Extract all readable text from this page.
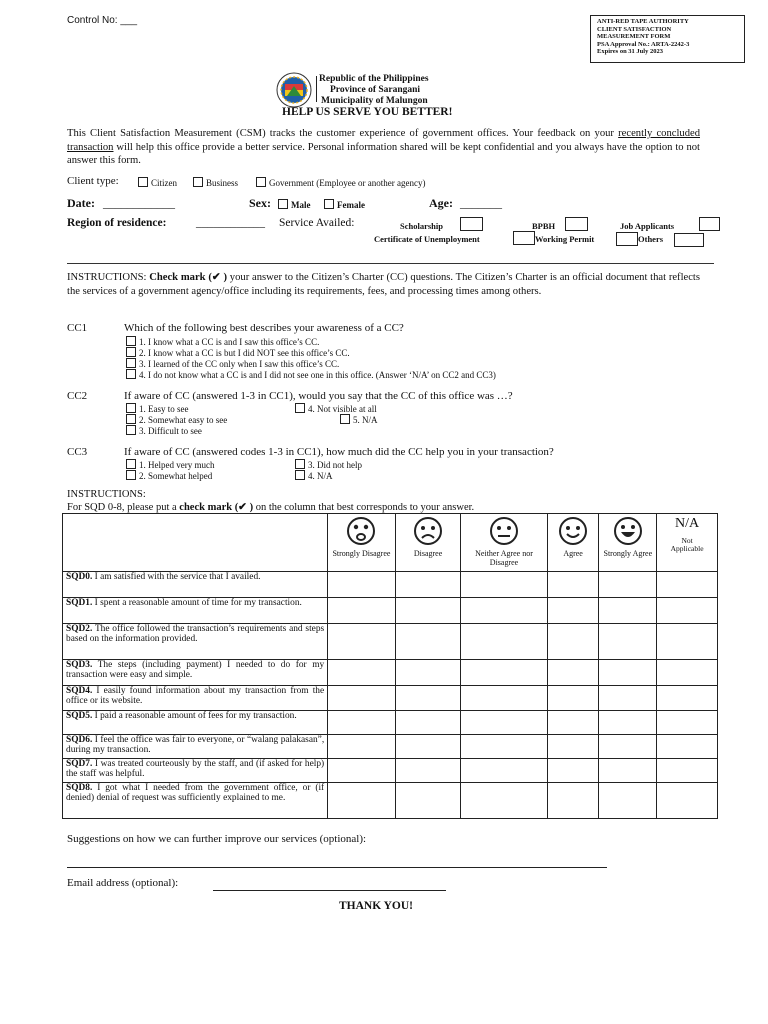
Control No: ___	ANTI-RED TAPE AUTHORITY
CLIENT SATISFACTION
MEASUREMENT FORM
PSA Approval No.: ARTA-2242-3
Expires on 31 July 2023
Republic of the Philippines
Province of Sarangani
Municipality of Malungon
HELP US SERVE YOU BETTER!
This Client Satisfaction Measurement (CSM) tracks the customer experience of government offices. Your feedback on your recently concluded transaction will help this office provide a better service. Personal information shared will be kept confidential and you always have the option to not answer this form.
Client type:	Citizen	Business	Government (Employee or another agency)
Date: ____________	Sex:	Male	Female	Age: _______
Region of residence:	____________ Service Availed:	Scholarship	BPBH	Job Applicants
Certificate of Unemployment	Working Permit	Others
INSTRUCTIONS: Check mark (✔ ) your answer to the Citizen’s Charter (CC) questions. The Citizen’s Charter is an official document that reflects the services of a government agency/office including its requirements, fees, and processing times among others.
CC1	Which of the following best describes your awareness of a CC?
1. I know what a CC is and I saw this office’s CC.
2. I know what a CC is but I did NOT see this office’s CC.
3. I learned of the CC only when I saw this office’s CC.
4. I do not know what a CC is and I did not see one in this office. (Answer ‘N/A’ on CC2 and CC3)
CC2	If aware of CC (answered 1-3 in CC1), would you say that the CC of this office was …?
1. Easy to see
2. Somewhat easy to see
3. Difficult to see
4. Not visible at all
5. N/A
CC3	If aware of CC (answered codes 1-3 in CC1), how much did the CC help you in your transaction?
1. Helped very much
2. Somewhat helped
3. Did not help
4. N/A
INSTRUCTIONS:
For SQD 0-8, please put a check mark (✔ ) on the column that best corresponds to your answer.

Strongly Disagree	Disagree	Neither Agree nor Disagree	Agree	Strongly Agree	N/A
Not Applicable

SQD0. I am satisfied with the service that I availed.						
SQD1. I spent a reasonable amount of time for my transaction.						
SQD2. The office followed the transaction’s requirements and steps based on the information provided.						
SQD3. The steps (including payment) I needed to do for my transaction were easy and simple.						
SQD4. I easily found information about my transaction from the office or its website.						
SQD5. I paid a reasonable amount of fees for my transaction.						
SQD6. I feel the office was fair to everyone, or “walang palakasan”, during my transaction.						
SQD7. I was treated courteously by the staff, and (if asked for help) the staff was helpful.						
SQD8. I got what I needed from the government office, or (if denied) denial of request was sufficiently explained to me.						
Suggestions on how we can further improve our services (optional):
Email address (optional):
THANK YOU!
